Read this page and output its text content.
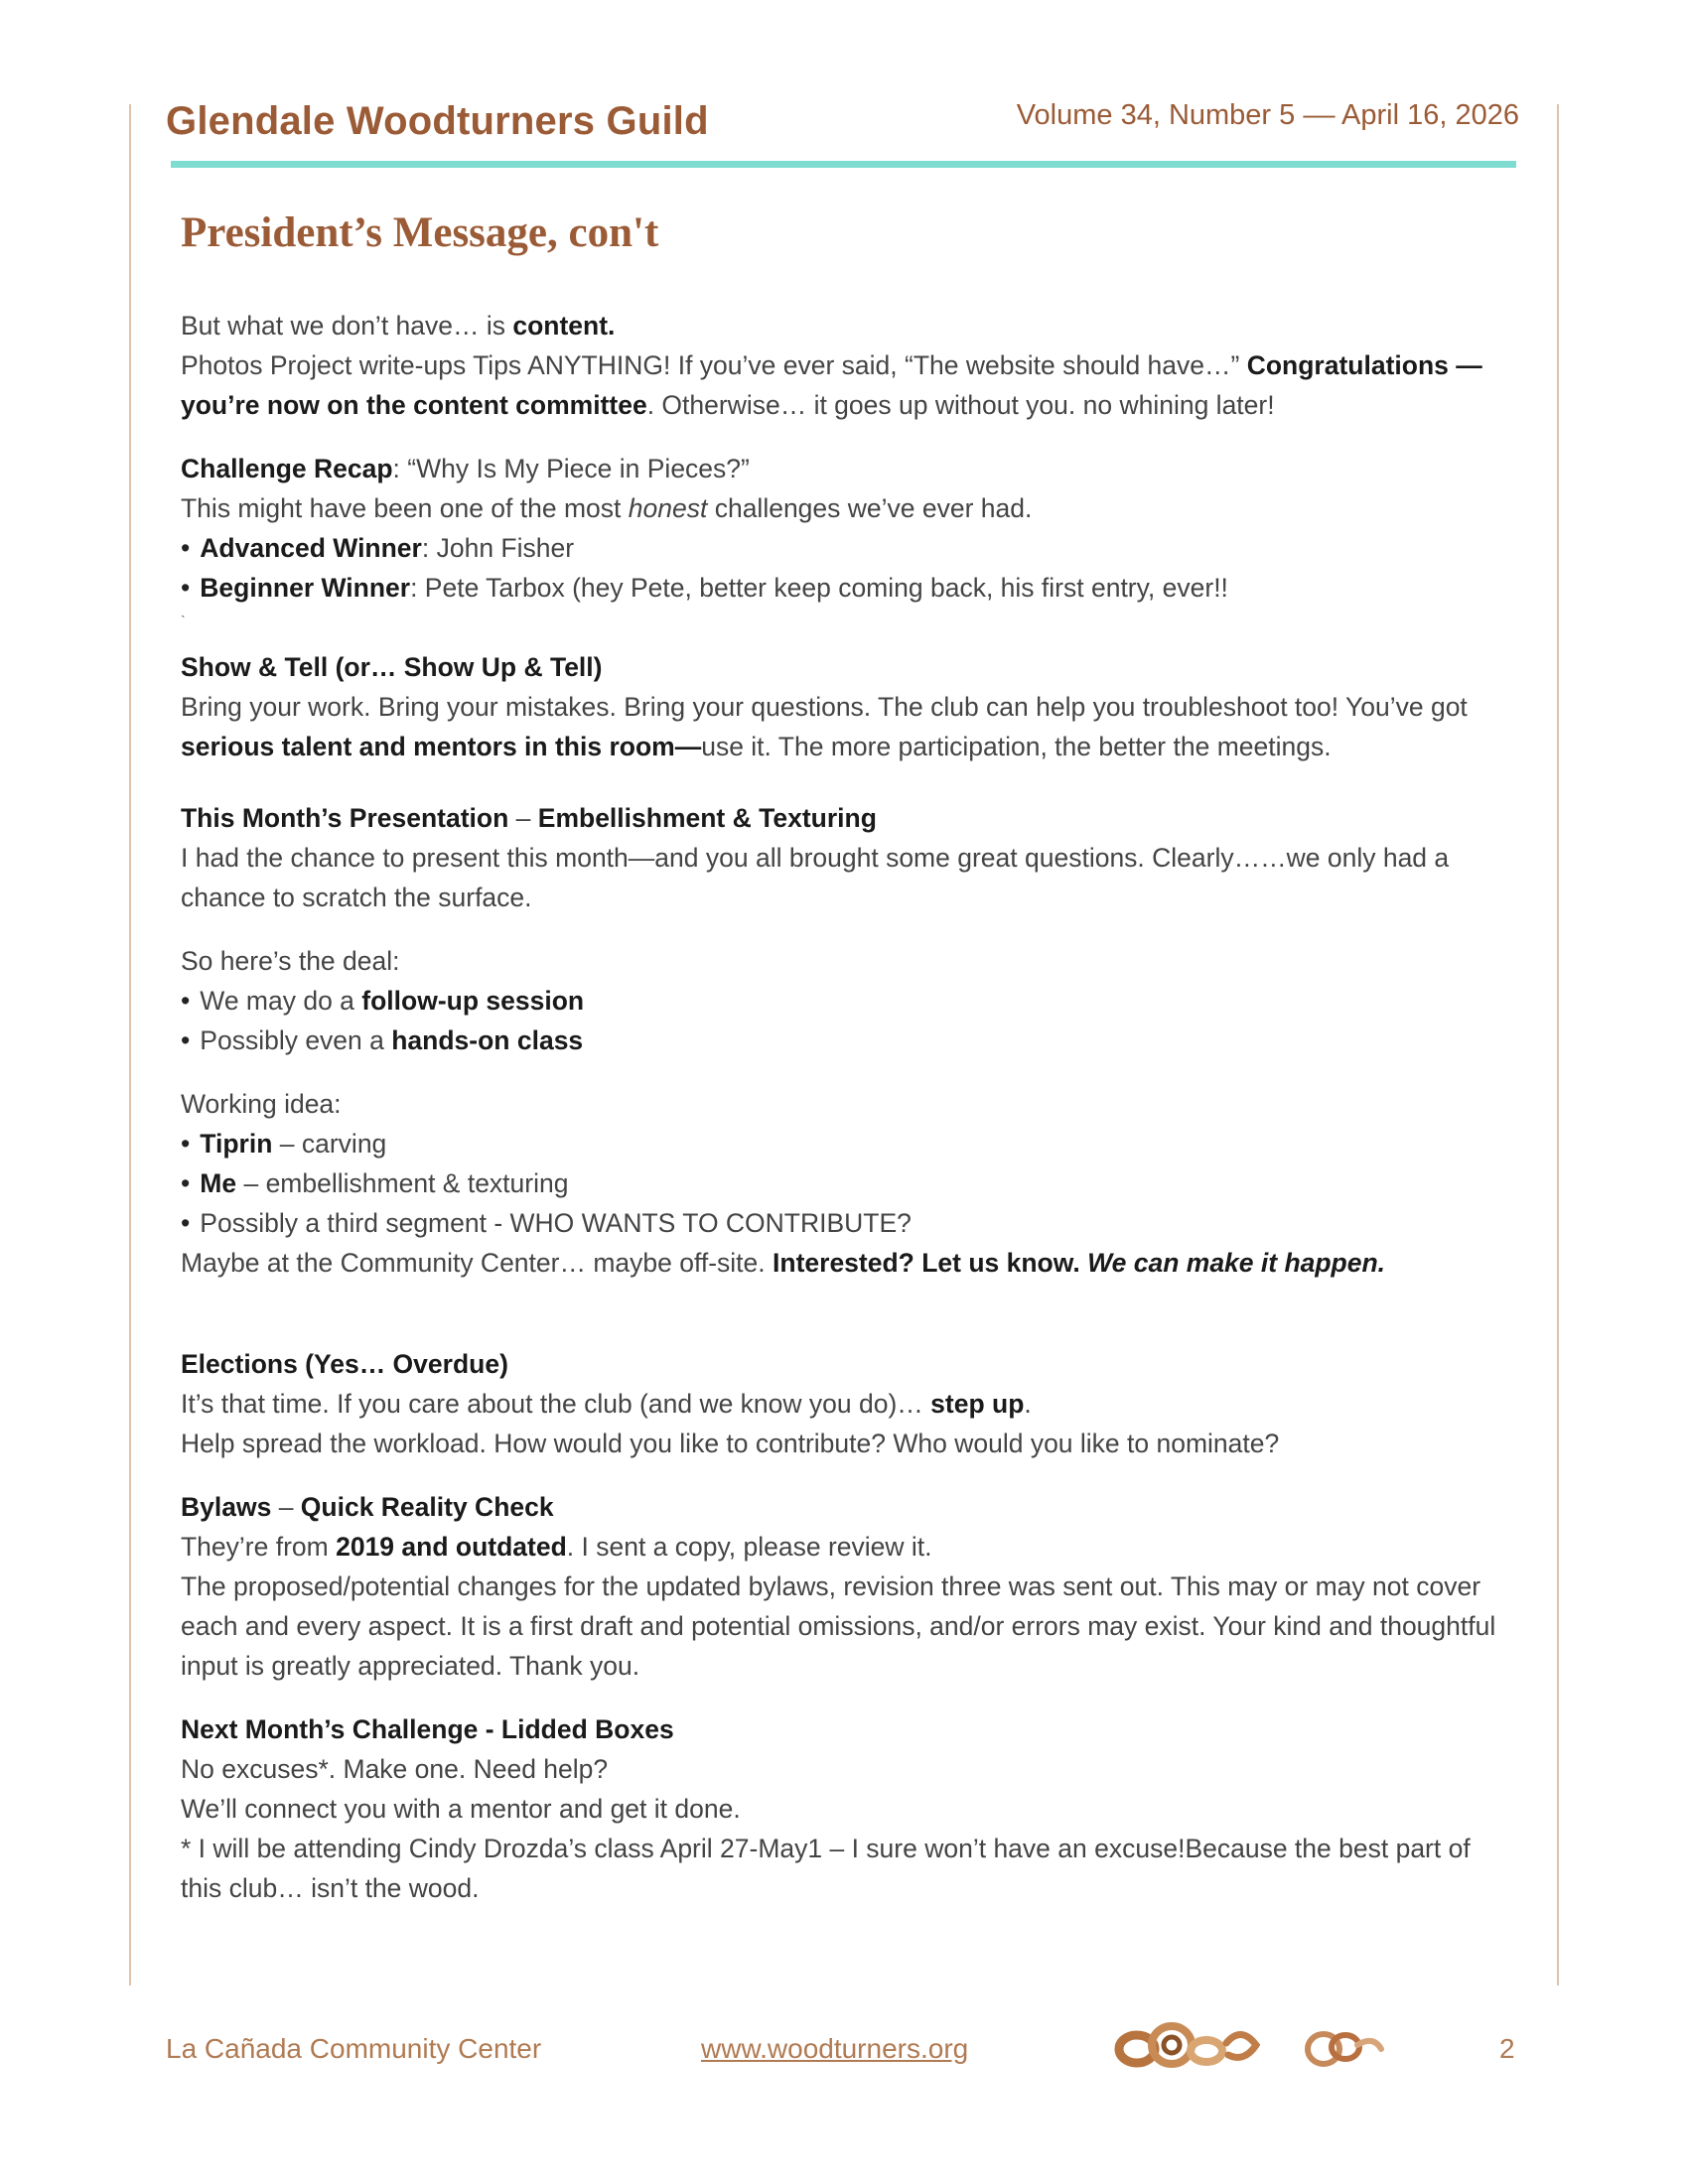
Glendale Woodturners Guild	Volume 34, Number 5 –– April 16, 2026
President’s Message, con't

But what we don’t have… is content.

Photos Project write-ups Tips ANYTHING! If you’ve ever said, “The website should have…” Congratulations — you’re now on the content committee. Otherwise… it goes up without you. no whining later!

Challenge Recap: “Why Is My Piece in Pieces?”

This might have been one of the most honest challenges we’ve ever had.

• Advanced Winner: John Fisher

• Beginner Winner: Pete Tarbox (hey Pete, better keep coming back, his first entry, ever!!

`

Show & Tell (or… Show Up & Tell)

Bring your work. Bring your mistakes. Bring your questions. The club can help you troubleshoot too! You’ve got serious talent and mentors in this room—use it. The more participation, the better the meetings.

This Month’s Presentation – Embellishment & Texturing

I had the chance to present this month—and you all brought some great questions. Clearly……we only had a chance to scratch the surface.

So here’s the deal:

• We may do a follow-up session

• Possibly even a hands-on class

Working idea:

• Tiprin – carving

• Me – embellishment & texturing

• Possibly a third segment - WHO WANTS TO CONTRIBUTE?

Maybe at the Community Center… maybe off-site. Interested? Let us know. We can make it happen.

Elections (Yes… Overdue)

It’s that time. If you care about the club (and we know you do)… step up.

Help spread the workload. How would you like to contribute? Who would you like to nominate?

Bylaws – Quick Reality Check

They’re from 2019 and outdated. I sent a copy, please review it.

The proposed/potential changes for the updated bylaws, revision three was sent out. This may or may not cover each and every aspect. It is a first draft and potential omissions, and/or errors may exist. Your kind and thoughtful input is greatly appreciated. Thank you.

Next Month’s Challenge - Lidded Boxes

No excuses*. Make one. Need help?

We’ll connect you with a mentor and get it done.

* I will be attending Cindy Drozda’s class April 27-May1 – I sure won’t have an excuse!Because the best part of this club… isn’t the wood.

La Cañada Community Center	www.woodturners.org	2
